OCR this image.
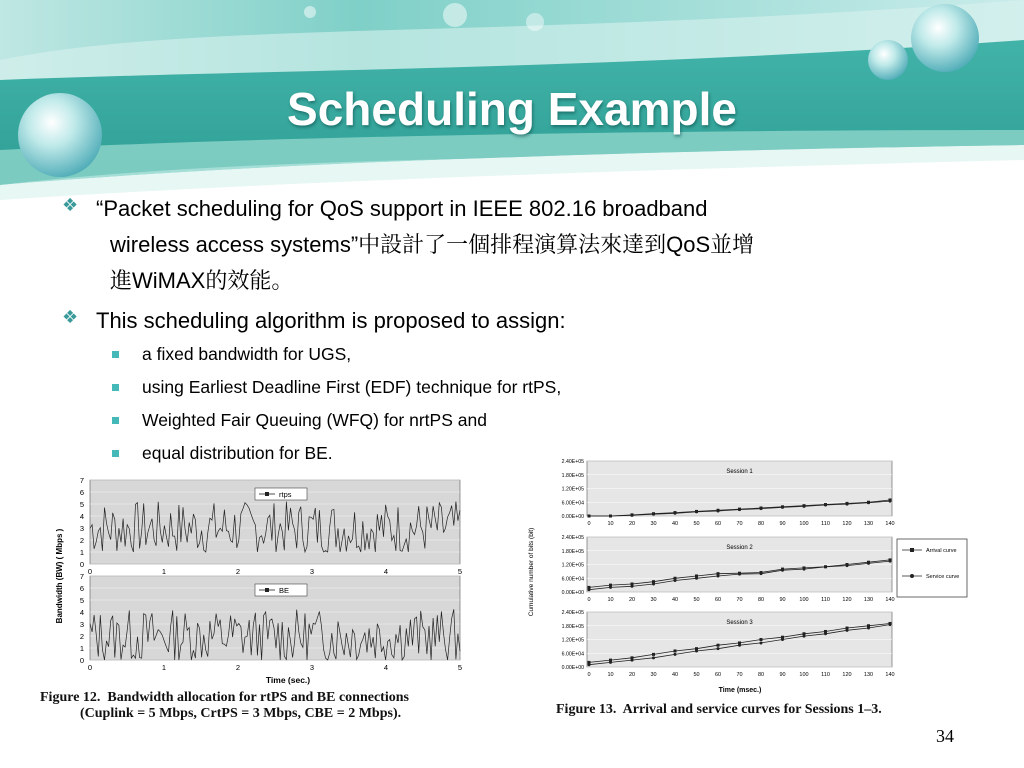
Scheduling Example
❖ “Packet scheduling for QoS support in IEEE 802.16 broadband
wireless access systems”中設計了一個排程演算法來達到QoS並增
進WiMAX的效能。
❖ This scheduling algorithm is proposed to assign:
a fixed bandwidth for UGS,
using Earliest Deadline First (EDF) technique for rtPS,
Weighted Fair Queuing (WFQ) for nrtPS and
equal distribution for BE.
7
6
5
4
3
2
1
0
0	1	2	3	4	5
rtps
7
6
5
4
3
2
1
0
0	1	2	3	4	5
BE
Bandwidth (BW) ( Mbps )
Time (sec.)
Figure 12.  Bandwidth allocation for rtPS and BE connections
(Cuplink = 5 Mbps, CrtPS = 3 Mbps, CBE = 2 Mbps).
2.40E+05
1.80E+05
1.20E+05
6.00E+04
0.00E+00
0	10	20	30	40	50	60	70	80	90	100 110 120 130 140
Session 1
2.40E+05
1.80E+05
1.20E+05
6.00E+04
0.00E+00
0	10	20	30	40	50	60	70	80	90	100 110 120 130 140
Session 2
2.40E+05
1.80E+05
1.20E+05
6.00E+04
0.00E+00
0	10	20	30	40	50	60	70	80	90	100 110 120 130 140
Session 3
Cumulative number of bits (bit)
Time (msec.)
Arrival curve
Service curve
Figure 13.  Arrival and service curves for Sessions 1–3.
34
